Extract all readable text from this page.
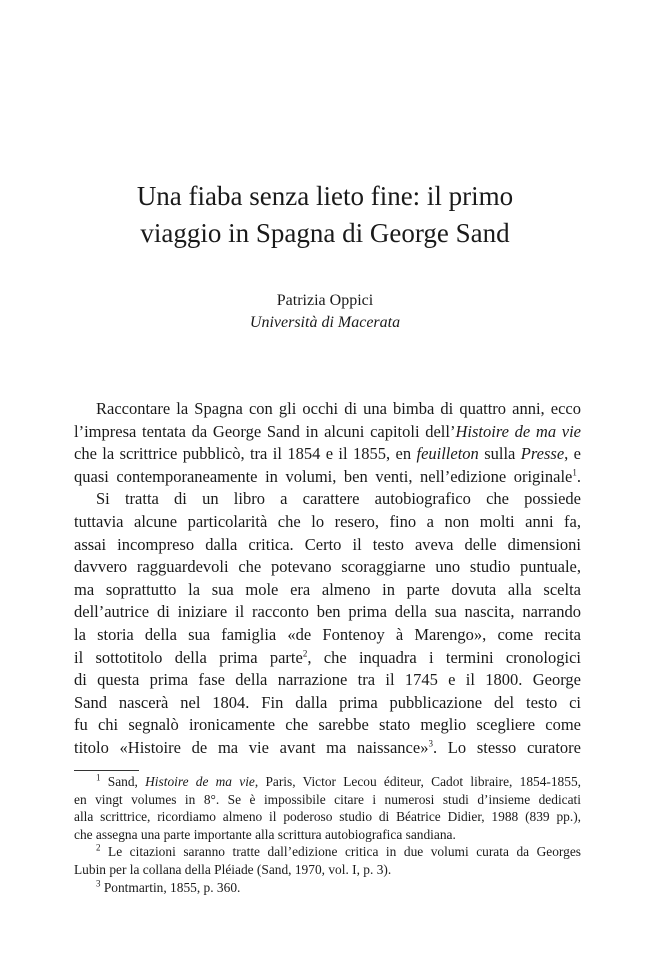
Una fiaba senza lieto fine: il primo
viaggio in Spagna di George Sand
Patrizia Oppici
Università di Macerata
Raccontare la Spagna con gli occhi di una bimba di quattro anni, ecco
l’impresa tentata da George Sand in alcuni capitoli dell’Histoire de ma vie
che la scrittrice pubblicò, tra il 1854 e il 1855, en feuilleton sulla Presse, e
quasi contemporaneamente in volumi, ben venti, nell’edizione originale$^1$.
Si tratta di un libro a carattere autobiografico che possiede
tuttavia alcune particolarità che lo resero, fino a non molti anni fa,
assai incompreso dalla critica. Certo il testo aveva delle dimensioni
davvero ragguardevoli che potevano scoraggiarne uno studio puntuale,
ma soprattutto la sua mole era almeno in parte dovuta alla scelta
dell’autrice di iniziare il racconto ben prima della sua nascita, narrando
la storia della sua famiglia «de Fontenoy à Marengo», come recita
il sottotitolo della prima parte$^2$, che inquadra i termini cronologici
di questa prima fase della narrazione tra il 1745 e il 1800. George
Sand nascerà nel 1804. Fin dalla prima pubblicazione del testo ci
fu chi segnalò ironicamente che sarebbe stato meglio scegliere come
titolo «Histoire de ma vie avant ma naissance»$^3$. Lo stesso curatore
$^1$ Sand, Histoire de ma vie, Paris, Victor Lecou éditeur, Cadot libraire, 1854-1855,
en vingt volumes in 8°. Se è impossibile citare i numerosi studi d’insieme dedicati
alla scrittrice, ricordiamo almeno il poderoso studio di Béatrice Didier, 1988 (839 pp.),
che assegna una parte importante alla scrittura autobiografica sandiana.
$^2$ Le citazioni saranno tratte dall’edizione critica in due volumi curata da Georges
Lubin per la collana della Pléiade (Sand, 1970, vol. I, p. 3).
$^3$ Pontmartin, 1855, p. 360.
